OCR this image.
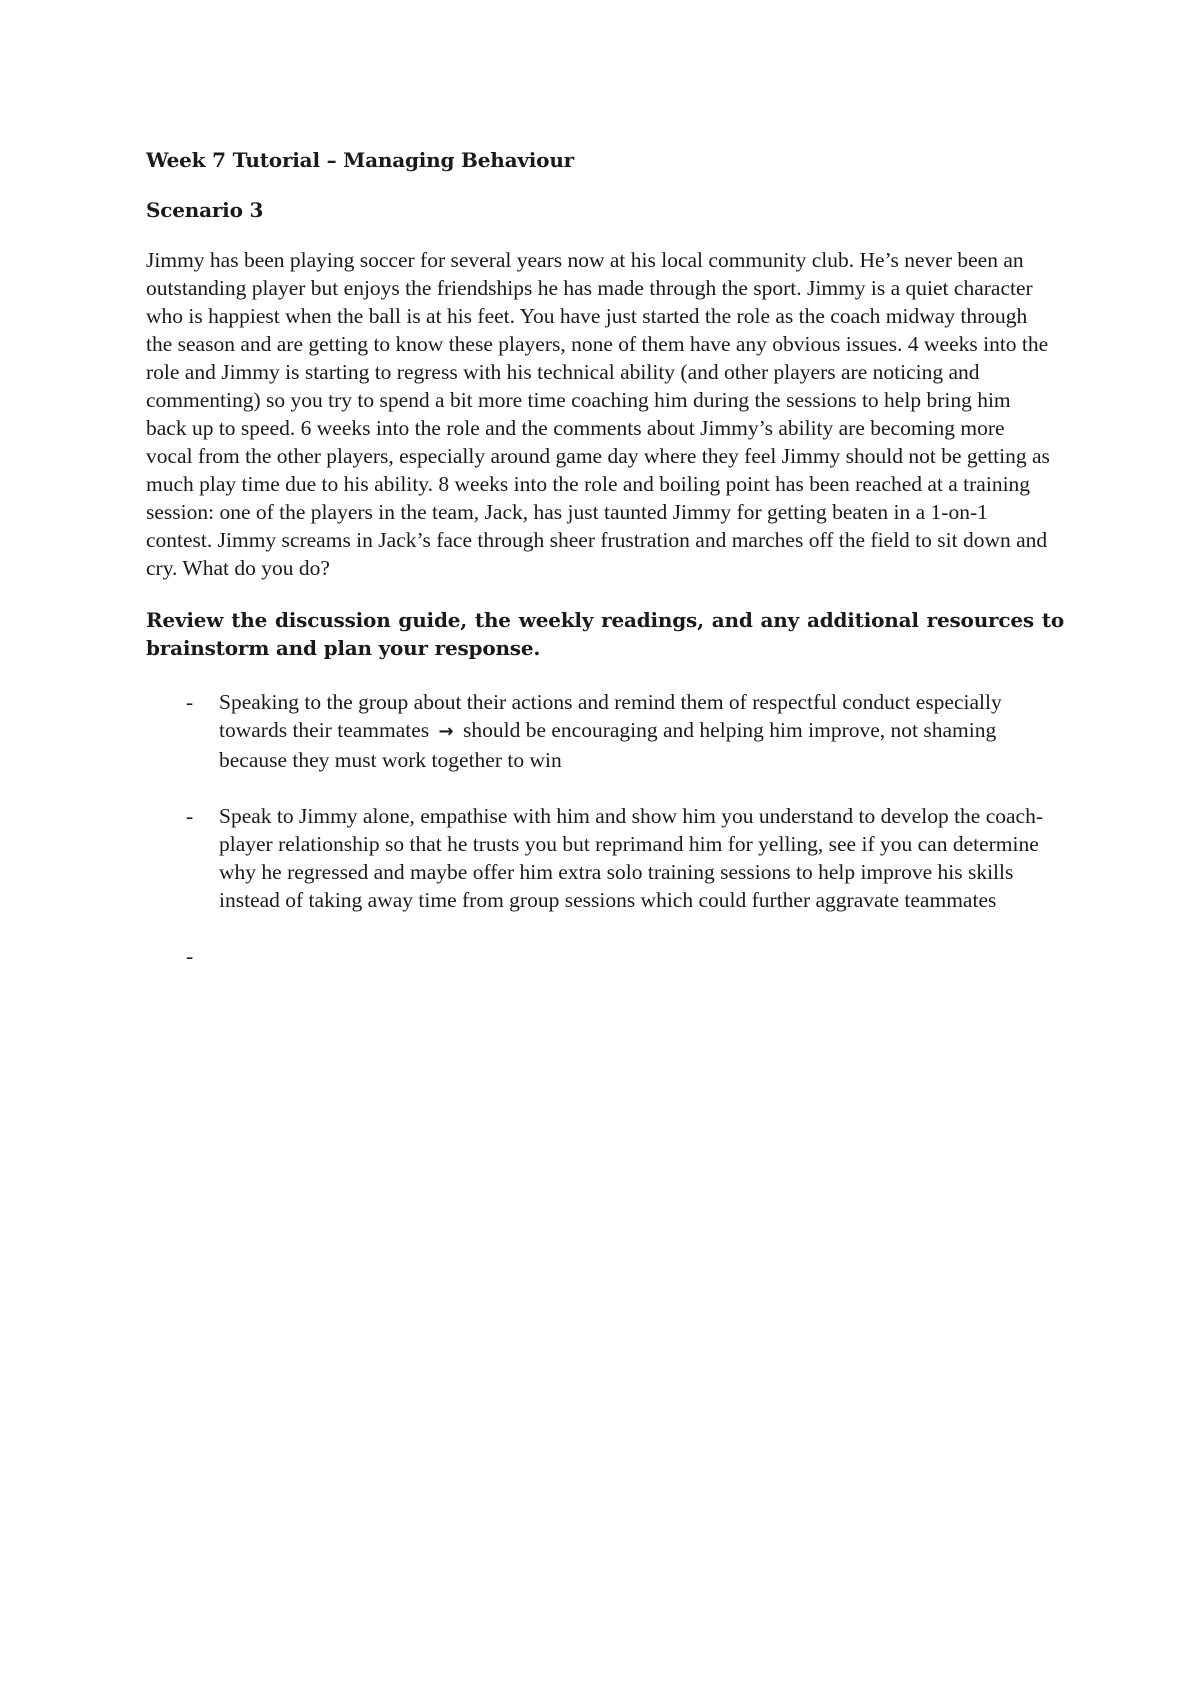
Week 7 Tutorial – Managing Behaviour
Scenario 3

Jimmy has been playing soccer for several years now at his local community club. He’s never been an outstanding player but enjoys the friendships he has made through the sport. Jimmy is a quiet character who is happiest when the ball is at his feet. You have just started the role as the coach midway through the season and are getting to know these players, none of them have any obvious issues. 4 weeks into the role and Jimmy is starting to regress with his technical ability (and other players are noticing and commenting) so you try to spend a bit more time coaching him during the sessions to help bring him back up to speed. 6 weeks into the role and the comments about Jimmy’s ability are becoming more vocal from the other players, especially around game day where they feel Jimmy should not be getting as much play time due to his ability. 8 weeks into the role and boiling point has been reached at a training session: one of the players in the team, Jack, has just taunted Jimmy for getting beaten in a 1-on-1 contest. Jimmy screams in Jack’s face through sheer frustration and marches off the field to sit down and cry. What do you do?

Review the discussion guide, the weekly readings, and any additional resources to brainstorm and plan your response.

- Speaking to the group about their actions and remind them of respectful conduct especially towards their teammates → should be encouraging and helping him improve, not shaming because they must work together to win
- Speak to Jimmy alone, empathise with him and show him you understand to develop the coach-player relationship so that he trusts you but reprimand him for yelling, see if you can determine why he regressed and maybe offer him extra solo training sessions to help improve his skills instead of taking away time from group sessions which could further aggravate teammates
-
